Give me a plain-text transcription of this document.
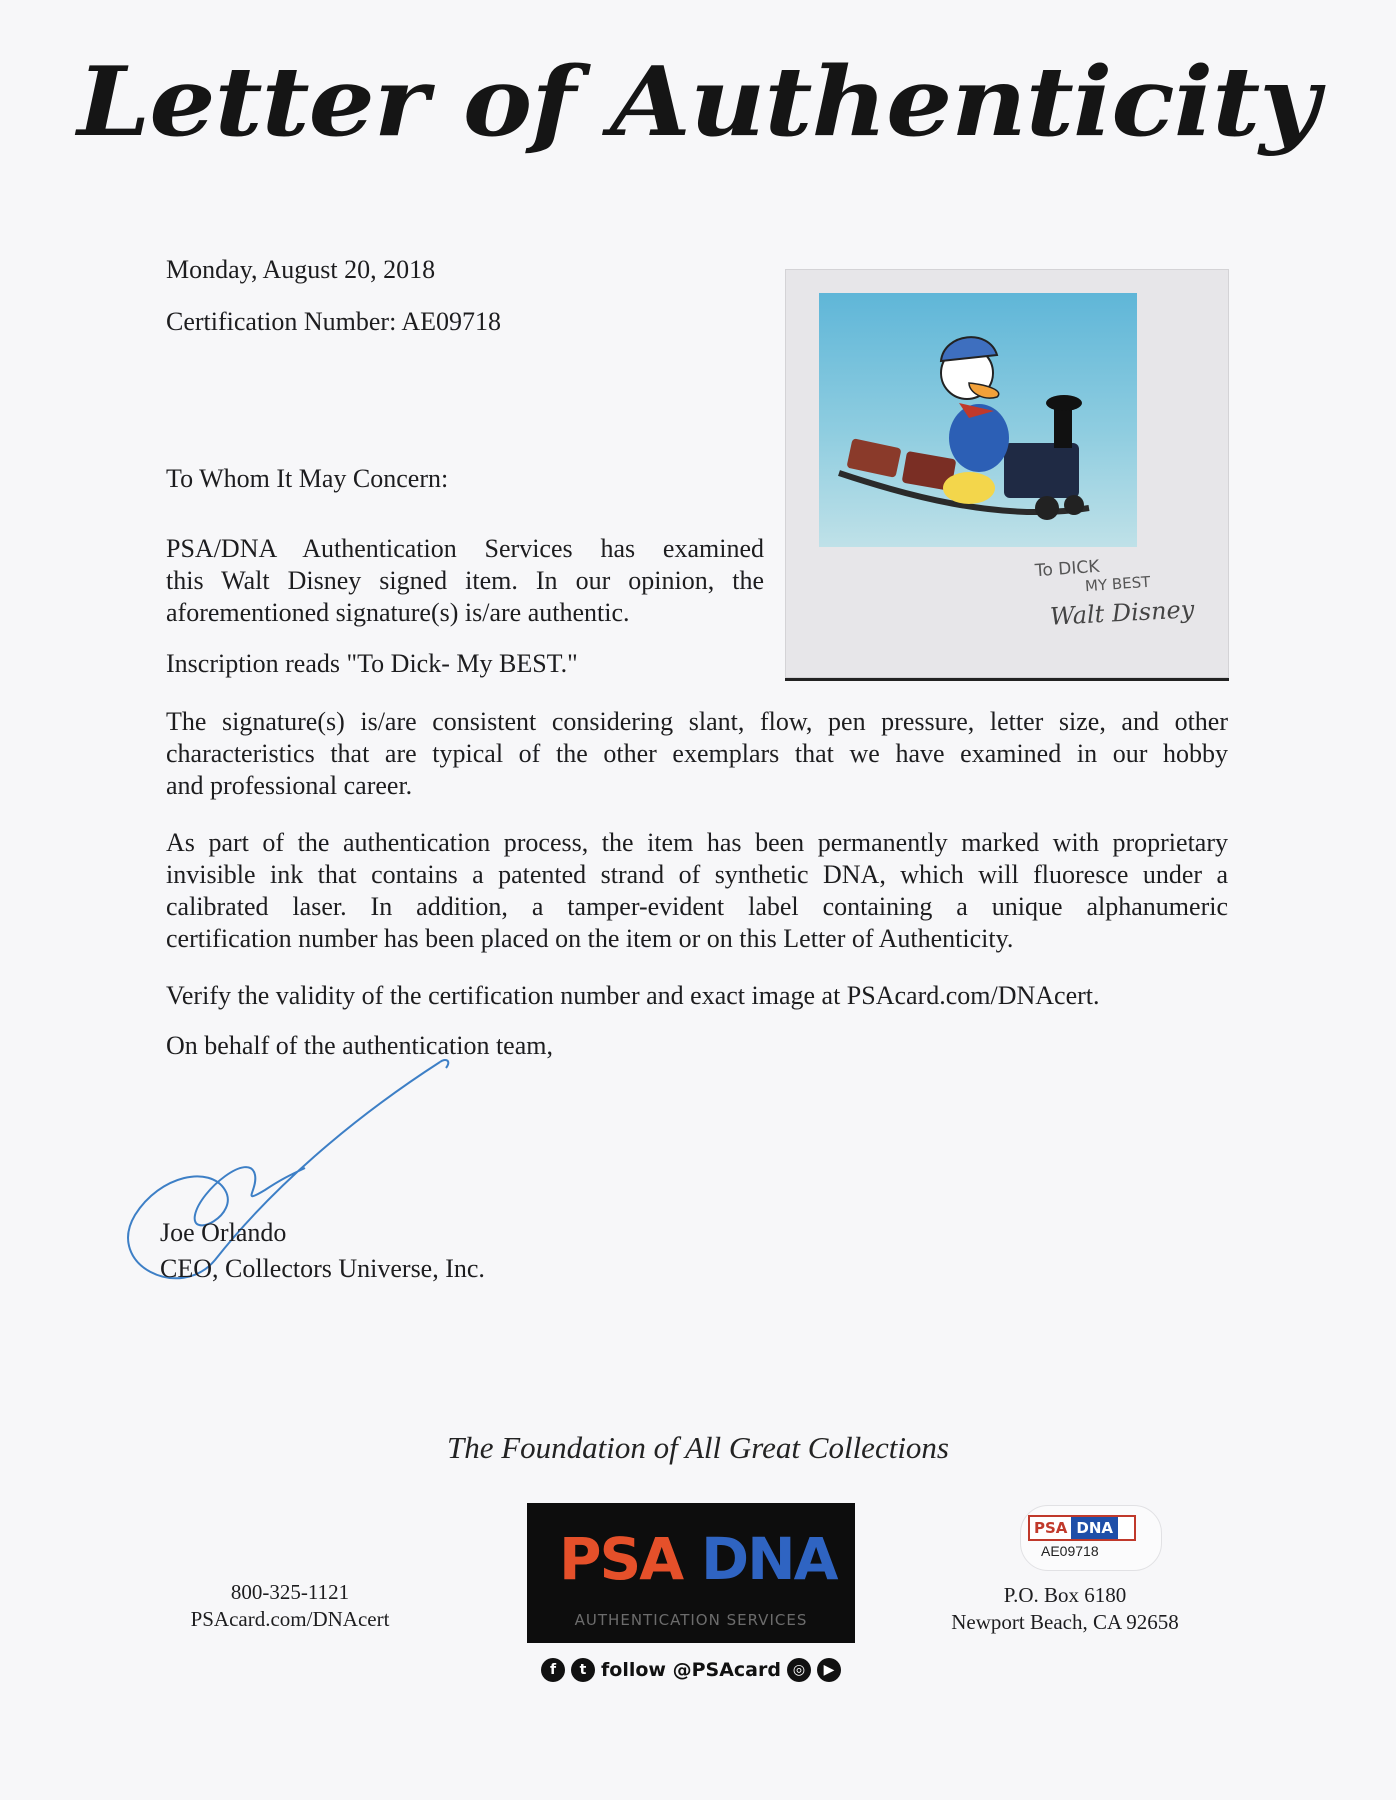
Letter of Authenticity
Monday, August 20, 2018
Certification Number: AE09718
To Whom It May Concern:
PSA/DNA Authentication Services has examined
this Walt Disney signed item. In our opinion, the
aforementioned signature(s) is/are authentic.
Inscription reads "To Dick- My BEST."
The signature(s) is/are consistent considering slant, flow, pen pressure, letter size, and other
characteristics that are typical of the other exemplars that we have examined in our hobby
and professional career.
As part of the authentication process, the item has been permanently marked with proprietary
invisible ink that contains a patented strand of synthetic DNA, which will fluoresce under a
calibrated laser. In addition, a tamper-evident label containing a unique alphanumeric
certification number has been placed on the item or on this Letter of Authenticity.
Verify the validity of the certification number and exact image at PSAcard.com/DNAcert.
On behalf of the authentication team,
Joe Orlando
CEO, Collectors Universe, Inc.
To DICK
MY BEST
Walt Disney
The Foundation of All Great Collections
800-325-1121
PSAcard.com/DNAcert
PSA DNA
AUTHENTICATION SERVICES
f	t follow @PSAcard ◎	▶
PSA DNA
AE09718
P.O. Box 6180
Newport Beach, CA 92658
